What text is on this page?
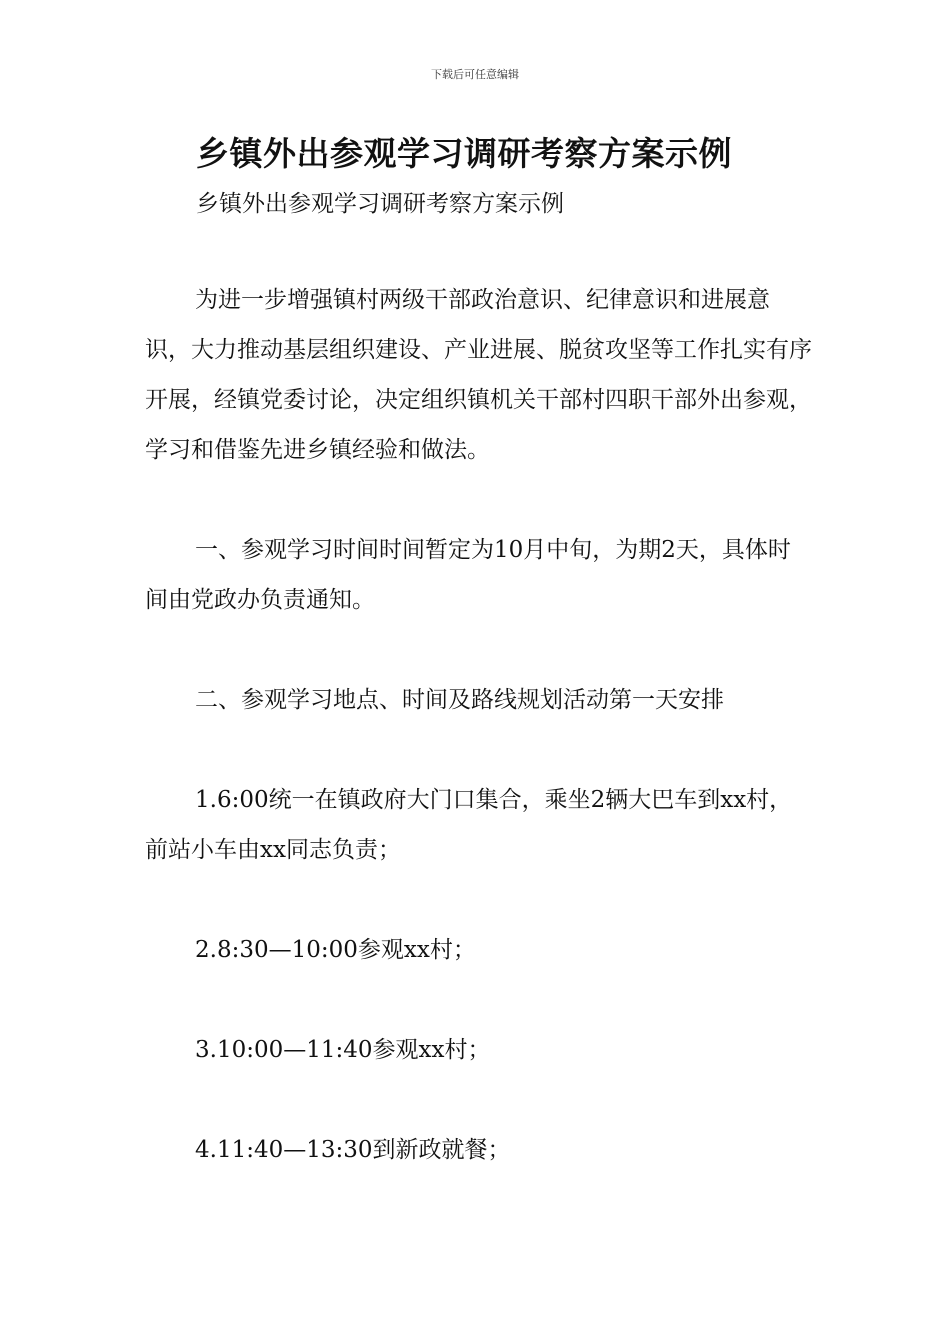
下载后可任意编辑
乡镇外出参观学习调研考察方案示例
乡镇外出参观学习调研考察方案示例

为进一步增强镇村两级干部政治意识、纪律意识和进展意识，大力推动基层组织建设、产业进展、脱贫攻坚等工作扎实有序开展，经镇党委讨论，决定组织镇机关干部村四职干部外出参观，学习和借鉴先进乡镇经验和做法。

一、参观学习时间时间暂定为10月中旬，为期2天，具体时间由党政办负责通知。

二、参观学习地点、时间及路线规划活动第一天安排

1.6:00统一在镇政府大门口集合，乘坐2辆大巴车到xx村，前站小车由xx同志负责；

2.8:30—10:00参观xx村；

3.10:00—11:40参观xx村；

4.11:40—13:30到新政就餐；
